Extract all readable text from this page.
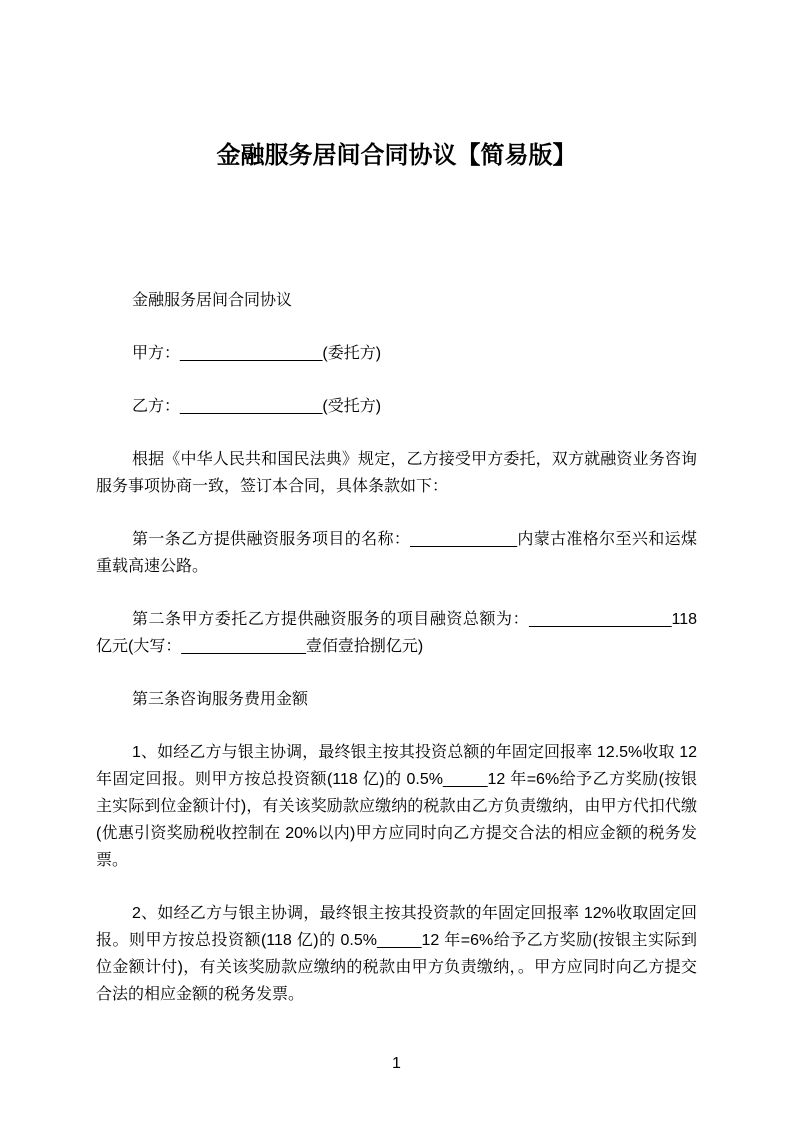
金融服务居间合同协议【简易版】

金融服务居间合同协议

甲方：________________(委托方)

乙方：________________(受托方)

根据《中华人民共和国民法典》规定，乙方接受甲方委托，双方就融资业务咨询服务事项协商一致，签订本合同，具体条款如下：

第一条乙方提供融资服务项目的名称：____________内蒙古准格尔至兴和运煤重载高速公路。

第二条甲方委托乙方提供融资服务的项目融资总额为：________________118 亿元(大写：______________壹佰壹拾捌亿元)

第三条咨询服务费用金额

1、如经乙方与银主协调，最终银主按其投资总额的年固定回报率 12.5%收取 12 年固定回报。则甲方按总投资额(118 亿)的 0.5%_____12 年=6%给予乙方奖励(按银主实际到位金额计付)，有关该奖励款应缴纳的税款由乙方负责缴纳，由甲方代扣代缴(优惠引资奖励税收控制在 20%以内)甲方应同时向乙方提交合法的相应金额的税务发票。

2、如经乙方与银主协调，最终银主按其投资款的年固定回报率 12%收取固定回报。则甲方按总投资额(118 亿)的 0.5%_____12 年=6%给予乙方奖励(按银主实际到位金额计付)，有关该奖励款应缴纳的税款由甲方负责缴纳，。甲方应同时向乙方提交合法的相应金额的税务发票。

1
